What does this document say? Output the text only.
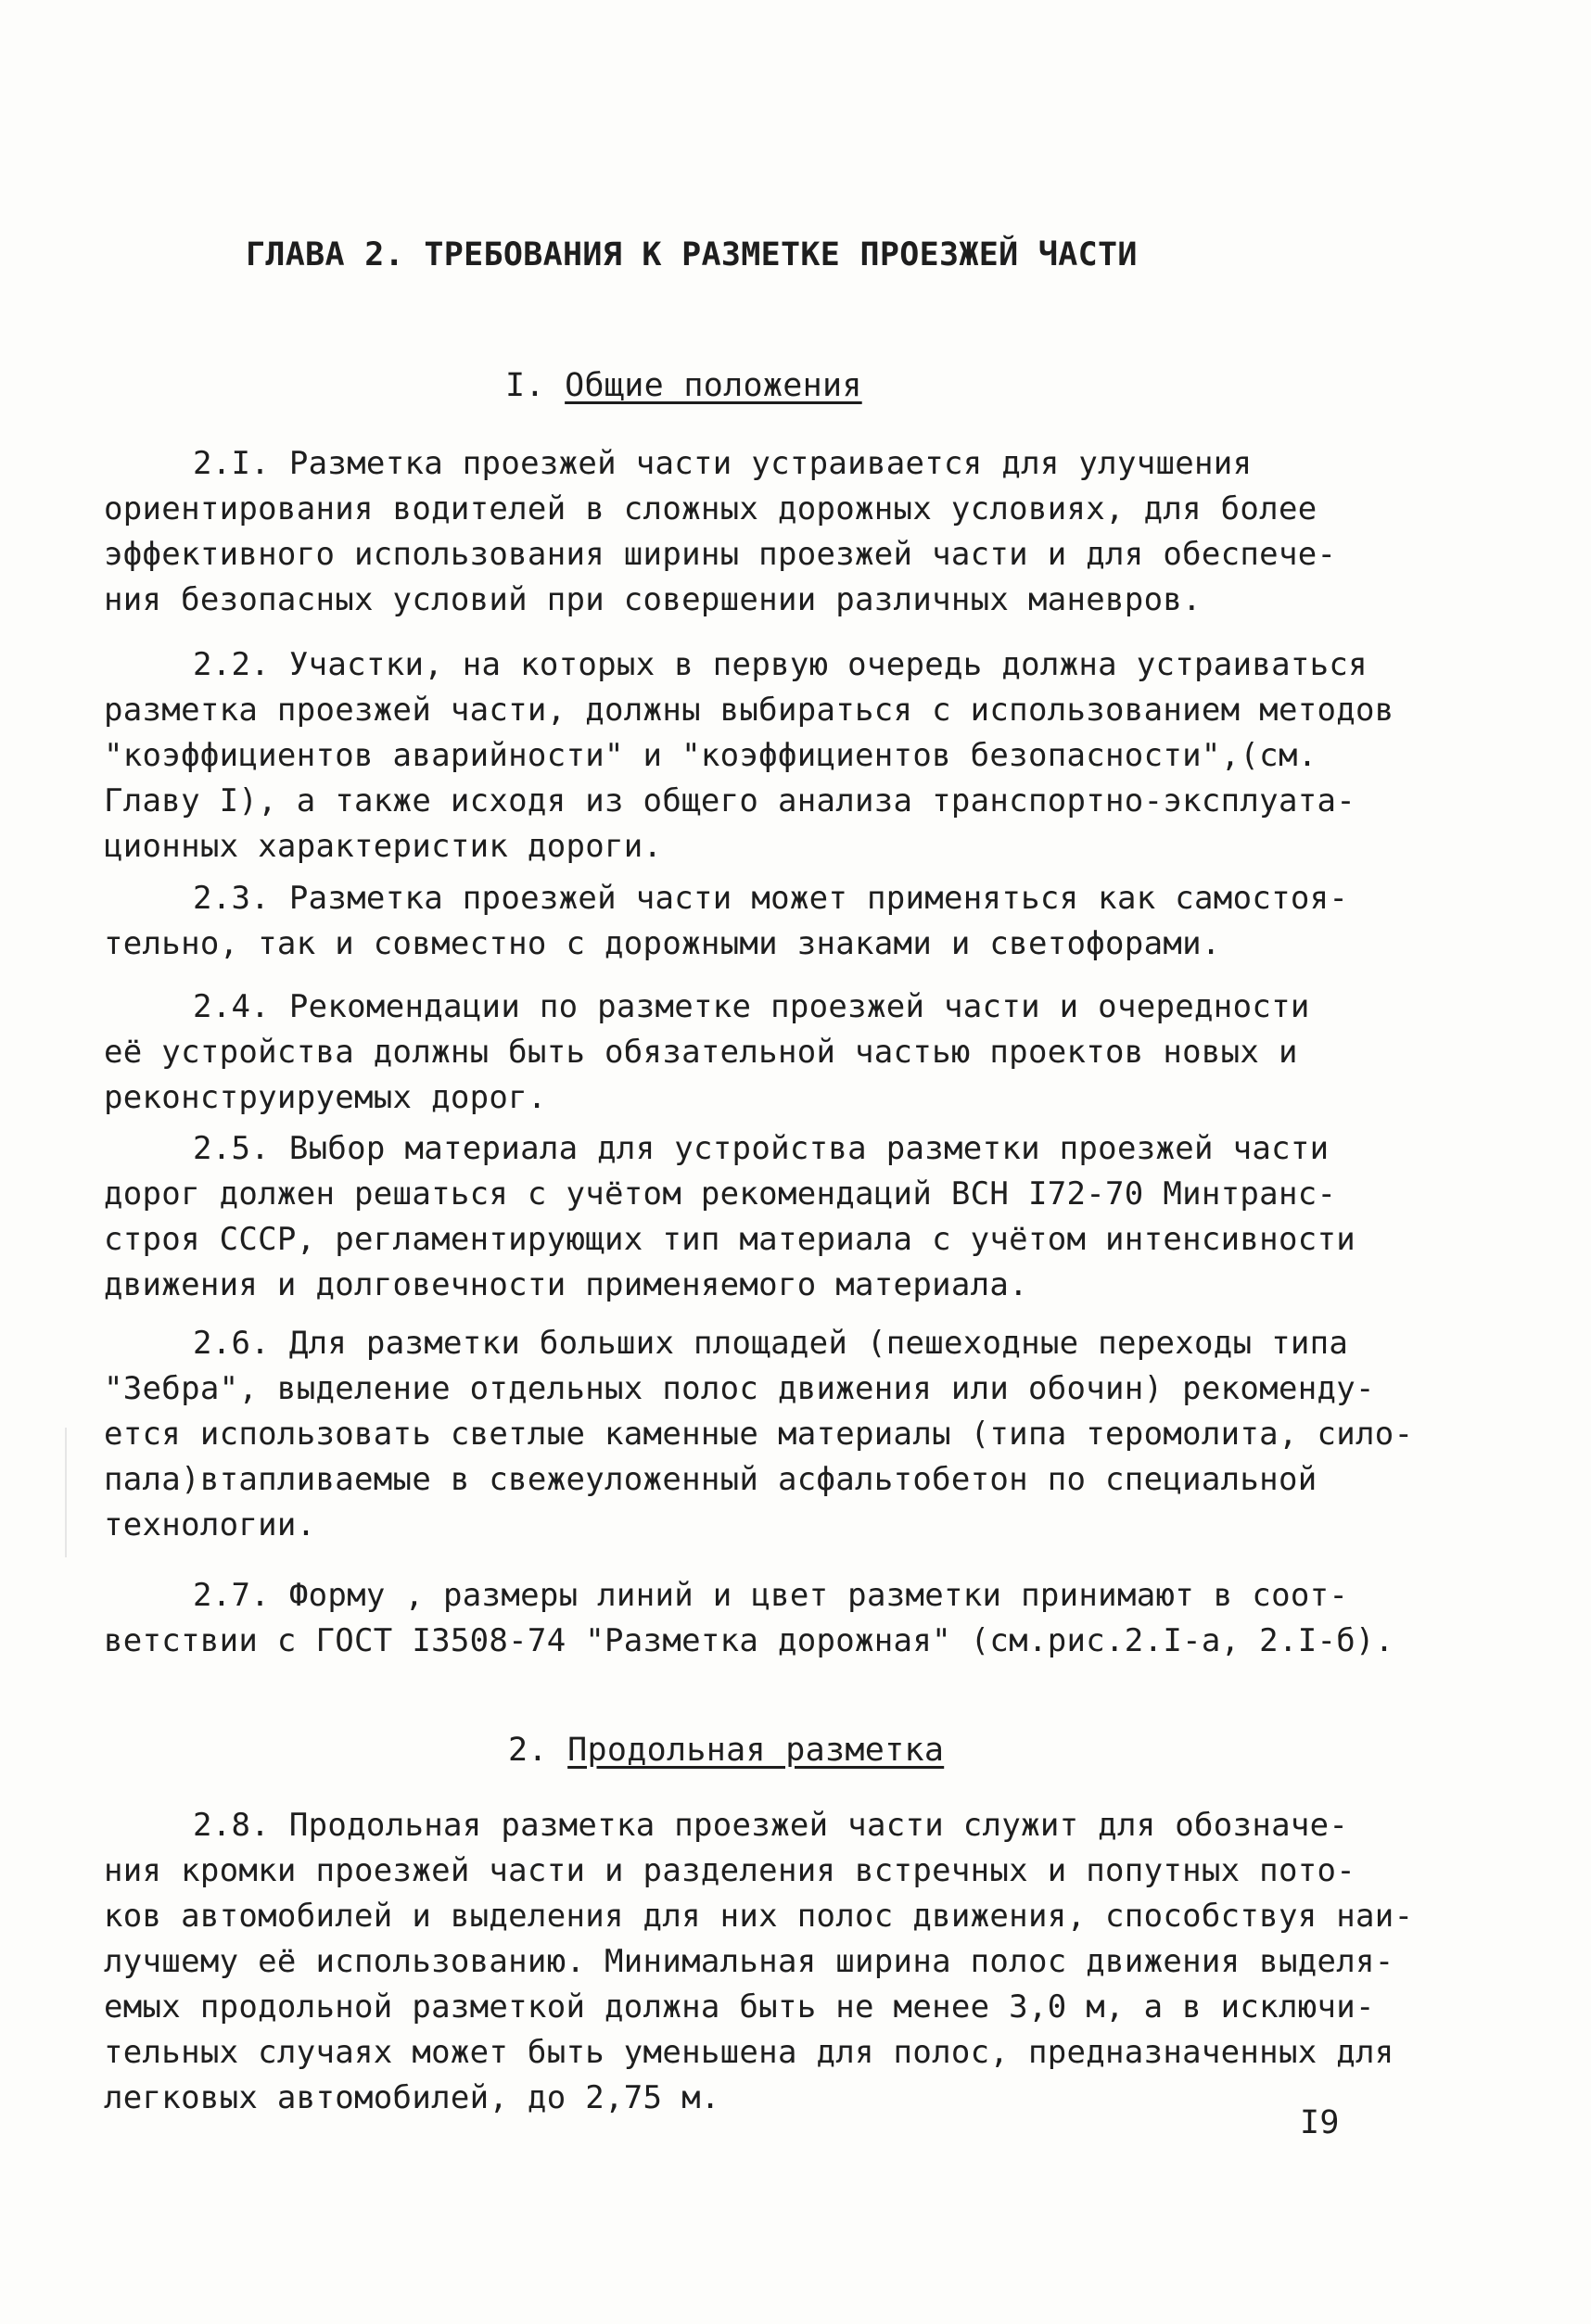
ГЛАВА 2. ТРЕБОВАНИЯ К РАЗМЕТКЕ ПРОЕЗЖЕЙ ЧАСТИ
I. Общие положения
2.I. Разметка проезжей части устраивается для улучшения
ориентирования водителей в сложных дорожных условиях, для более
эффективного использования ширины проезжей части и для обеспече-
ния безопасных условий при совершении различных маневров.
2.2. Участки, на которых в первую очередь должна устраиваться
разметка проезжей части, должны выбираться с использованием методов
"коэффициентов аварийности" и "коэффициентов безопасности",(см.
Главу I), а также исходя из общего анализа транспортно-эксплуата-
ционных характеристик дороги.
2.3. Разметка проезжей части может применяться как самостоя-
тельно, так и совместно с дорожными знаками и светофорами.
2.4. Рекомендации по разметке проезжей части и очередности
её устройства должны быть обязательной частью проектов новых и
реконструируемых дорог.
2.5. Выбор материала для устройства разметки проезжей части
дорог должен решаться с учётом рекомендаций ВСН I72-70 Минтранс-
строя СССР, регламентирующих тип материала с учётом интенсивности
движения и долговечности применяемого материала.
2.6. Для разметки больших площадей (пешеходные переходы типа
"Зебра", выделение отдельных полос движения или обочин) рекоменду-
ется использовать светлые каменные материалы (типа теромолита, сило-
пала)втапливаемые в свежеуложенный асфальтобетон по специальной
технологии.
2.7. Форму , размеры линий и цвет разметки принимают в соот-
ветствии с ГОСТ I3508-74 "Разметка дорожная" (см.рис.2.I-а, 2.I-б).
2. Продольная разметка
2.8. Продольная разметка проезжей части служит для обозначе-
ния кромки проезжей части и разделения встречных и попутных пото-
ков автомобилей и выделения для них полос движения, способствуя наи-
лучшему её использованию. Минимальная ширина полос движения выделя-
емых продольной разметкой должна быть не менее 3,0 м, а в исключи-
тельных случаях может быть уменьшена для полос, предназначенных для
легковых автомобилей, до 2,75 м.
I9
